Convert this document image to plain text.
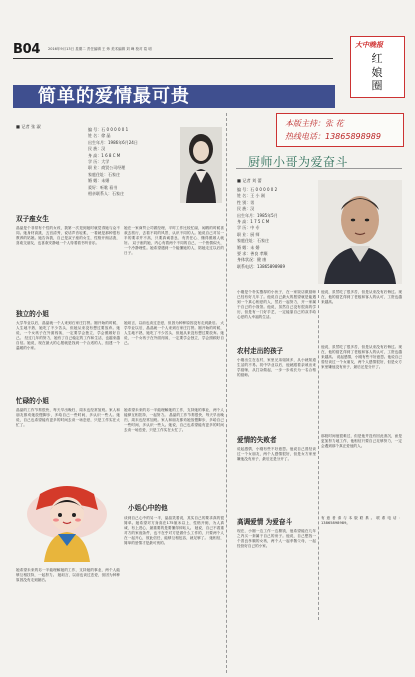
B04 2016年9月13日 星期二 责任编辑 王 炜 美术编辑 刘 峰 校对 葛 明	大中晚报
红
娘
圈
简单的爱情最可贵
本版主持：张 花
热线电话：13865898989
■ 记者 张 淑
编 号：石 0 0 0 0 0 1
姓 名：徐 晶
出生年月：1986年6月24日
民 族：汉
身 高：1 6 8 C M
学 历：大学
职 业：商贸公司经理
家庭住址：石家庄
婚 姻：未婚
爱好：听歌 看书
相亲联系人：石家庄
双子座女生
晶晶是个非常有个性的女孩，我第一次见到她时就觉得她与众不同。她身材高挑，五官清秀，说话声音轻柔，一看就是那种很有教养的姑娘。她告诉我，自己是双子座的女生，性格开朗活泼，喜欢交朋友，也喜欢安静地一个人待着看书听音乐。
她在一家商贸公司做经理，平时工作比较忙碌，闲暇的时候喜欢去旅行，去看不同的风景，认识不同的人。她说自己对另一半的要求并不高，只要真诚善良、有责任心、懂得照顾人就好。 双子座的她，内心有着两个不同的自己，一个热情似火，一个冷静理性。她希望遇到一个能懂她的人，陪她走过以后的日子。
独立的小姐
大学毕业以后，晶晶就一个人来到石家庄打拼。刚开始的时候，人生地不熟，她吃了不少苦头，但她从来没有想过要放弃。她说，一个女孩子在外面闯荡，一定要学会独立，学会照顾好自己。 经过几年的努力，她有了自己稳定的工作和生活，也越来越自信。她说，现在最大的心愿就是找到一个合适的人，组建一个温暖的小家。
她坦言，以前也谈过恋爱，但因为种种原因没有走到最后。 大学毕业以后，晶晶就一个人来到石家庄打拼。刚开始的时候，人生地不熟，她吃了不少苦头，但她从来没有想过要放弃。她说，一个女孩子在外面闯荡，一定要学会独立，学会照顾好自己。
忙碌的小姐
晶晶的工作节奏很快，每天早出晚归，周末也经常加班。家人和朋友都劝她放慢脚步，多给自己一些时间，多认识一些人。她说，自己也希望能有更多的时间去谈一场恋爱，只是工作实在太忙了。
她希望未来的另一半能理解她的工作，支持她的事业，两个人能够互相扶持，一起努力。 晶晶的工作节奏很快，每天早出晚归，周末也经常加班。家人和朋友都劝她放慢脚步，多给自己一些时间，多认识一些人。她说，自己也希望能有更多的时间去谈一场恋爱，只是工作实在太忙了。
小姐心中的他
谈到自己心中的另一半，晶晶笑着说，其实自己的要求真的很简单。她希望对方身高在175厘米以上，性格开朗，为人真诚，有上进心，最重要的是要懂得体贴人。 她说，自己不看重对方的家庭条件，也不在乎对方是做什么工作的，只要两个人在一起开心，彼此信任，能够互相包容，就足够了。 她相信，简单的爱情才是最可贵的。
她希望未来的另一半能理解她的工作，支持她的事业，两个人能够互相扶持，一起努力。 她坦言，以前也谈过恋爱，但因为种种原因没有走到最后。
厨师小哥为爱奋斗
■ 记者 刘 蕾
编 号：石 0 0 0 0 0 2
姓 名：王 小 刚
性 别：男
民 族：汉
出生年月：1985年5月
身 高：1 7 5 C M
学 历：中 专
职 业：厨 师
家庭住址：石家庄
婚 姻：未 婚
要 求：善良 孝顺
身体状况：健 康
联系电话：13865898989
小刚是个朴实憨厚的小伙子，在一家饭店做厨师已经有好几年了。他说自己最大的愿望就是能遇到一个真心相爱的人，然后一起努力，开一家属于自己的小饭馆。他说，虽然自己没有很高的学历，但是有一门好手艺，一定能靠自己的双手给心爱的人幸福的生活。
他说，虽然吃了很多苦，但是从来没有后悔过。现在，他的厨艺得到了老板和客人的认可，工资也越来越高。
农村走出的孩子
小刚出生在农村，家里兄弟姐妹多，从小就知道生活的不易。初中毕业以后，他就跟着亲戚出来学厨师，从打杂做起，一步一步成长为一名合格的厨师。
他说，虽然吃了很多苦，但是从来没有后悔过。现在，他的厨艺得到了老板和客人的认可，工资也越来越高。 说起感情，小刚有些不好意思。他说自己曾经谈过一个女朋友，两个人感情很好，但是女方家里嫌他没有房子，最后还是分开了。
爱情的失败者
说起感情，小刚有些不好意思。他说自己曾经谈过一个女朋友，两个人感情很好，但是女方家里嫌他没有房子，最后还是分开了。
那段时间他很难过，但是他并没有因此消沉，而是更加努力地工作，他相信只要自己足够努力，一定会遇到那个真正爱他的人。
高调爱情 为爱奋斗
现在，小刚一边工作一边攒钱，他希望能在几年之内买一套属于自己的房子。他说，自己想找一个善良孝顺的女孩，两个人一起孝敬父母，一起经营好自己的小家。
有意者请与本版联系。联系电话：13865898989。
